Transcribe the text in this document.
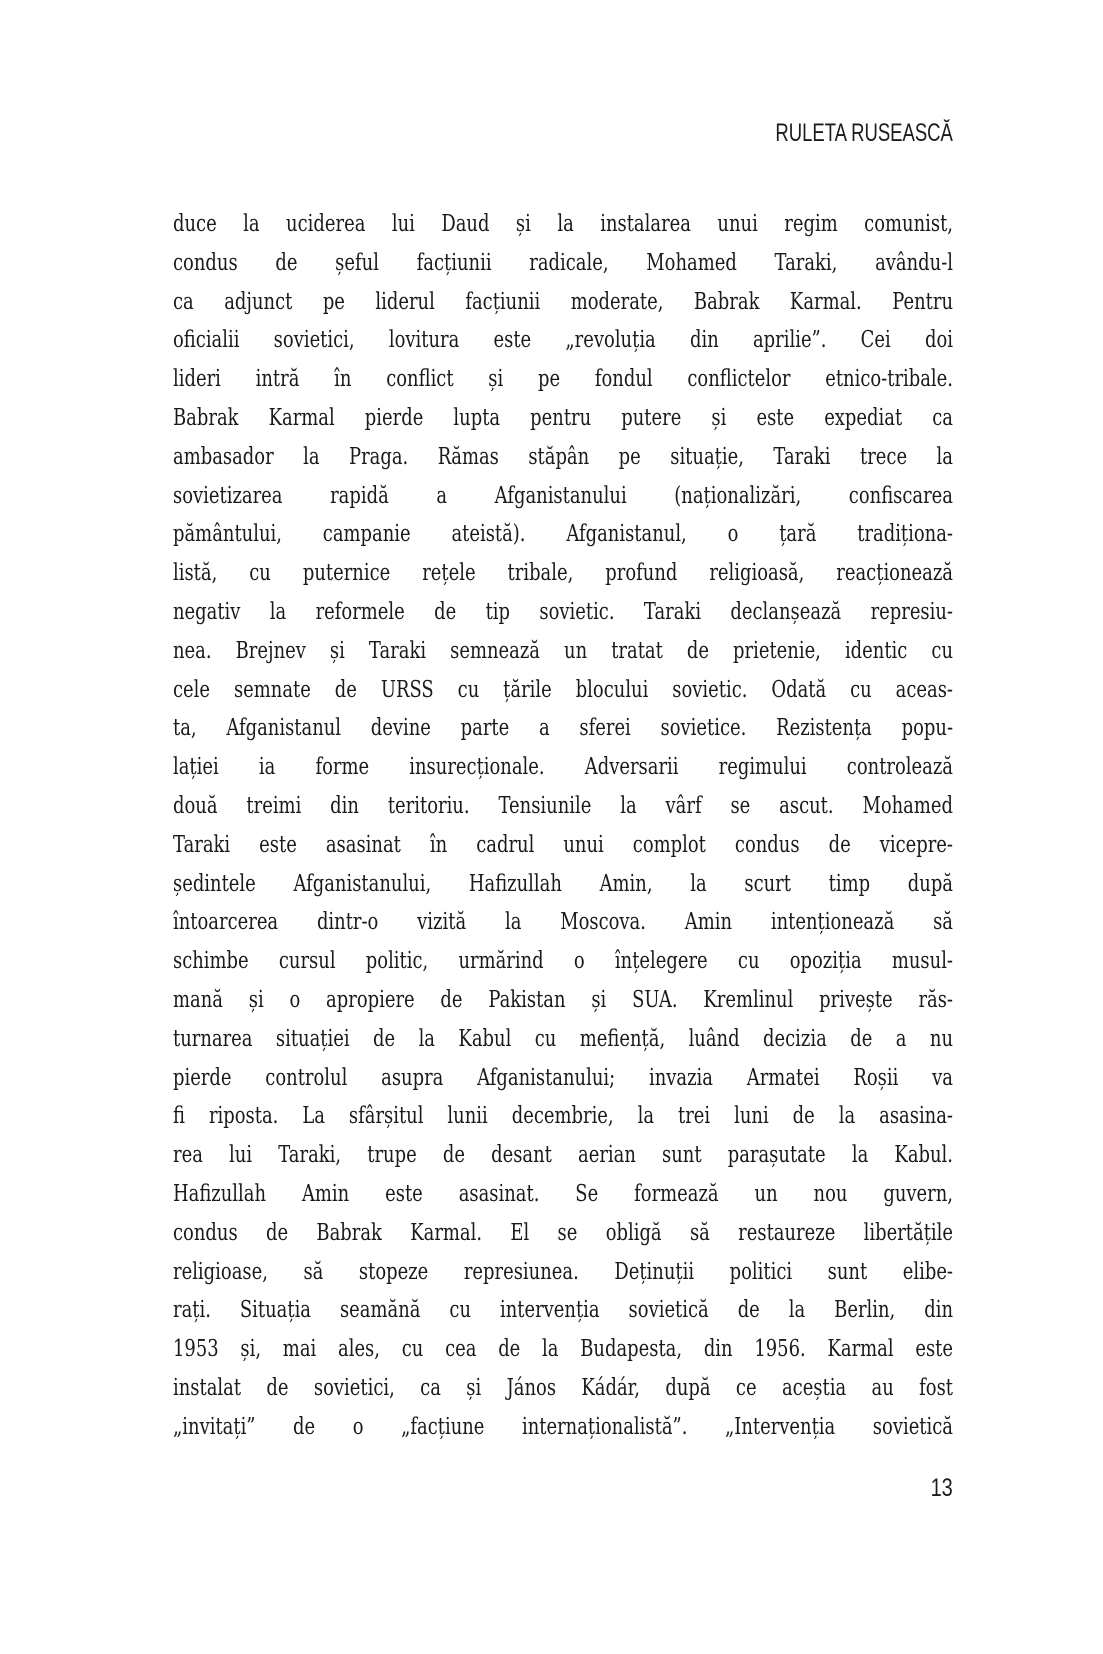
RULETA RUSEASCĂ
duce la uciderea lui Daud și la instalarea unui regim comunist,
condus de șeful facțiunii radicale, Mohamed Taraki, avându-l
ca adjunct pe liderul facțiunii moderate, Babrak Karmal. Pentru
oficialii sovietici, lovitura este „revoluția din aprilie”. Cei doi
lideri intră în conflict și pe fondul conflictelor etnico-tribale.
Babrak Karmal pierde lupta pentru putere și este expediat ca
ambasador la Praga. Rămas stăpân pe situație, Taraki trece la
sovietizarea rapidă a Afganistanului (naționalizări, confiscarea
pământului, campanie ateistă). Afganistanul, o țară tradiționa-
listă, cu puternice rețele tribale, profund religioasă, reacționează
negativ la reformele de tip sovietic. Taraki declanșează represiu-
nea. Brejnev și Taraki semnează un tratat de prietenie, identic cu
cele semnate de URSS cu țările blocului sovietic. Odată cu aceas-
ta, Afganistanul devine parte a sferei sovietice. Rezistența popu-
lației ia forme insurecționale. Adversarii regimului controlează
două treimi din teritoriu. Tensiunile la vârf se ascut. Mohamed
Taraki este asasinat în cadrul unui complot condus de vicepre-
ședintele Afganistanului, Hafizullah Amin, la scurt timp după
întoarcerea dintr-o vizită la Moscova. Amin intenționează să
schimbe cursul politic, urmărind o înțelegere cu opoziția musul-
mană și o apropiere de Pakistan și SUA. Kremlinul privește răs-
turnarea situației de la Kabul cu mefiență, luând decizia de a nu
pierde controlul asupra Afganistanului; invazia Armatei Roșii va
fi riposta. La sfârșitul lunii decembrie, la trei luni de la asasina-
rea lui Taraki, trupe de desant aerian sunt parașutate la Kabul.
Hafizullah Amin este asasinat. Se formează un nou guvern,
condus de Babrak Karmal. El se obligă să restaureze libertățile
religioase, să stopeze represiunea. Deținuții politici sunt elibe-
rați. Situația seamănă cu intervenția sovietică de la Berlin, din
1953 și, mai ales, cu cea de la Budapesta, din 1956. Karmal este
instalat de sovietici, ca și János Kádár, după ce aceștia au fost
„invitați” de o „facțiune internaționalistă”. „Intervenția sovietică
13
